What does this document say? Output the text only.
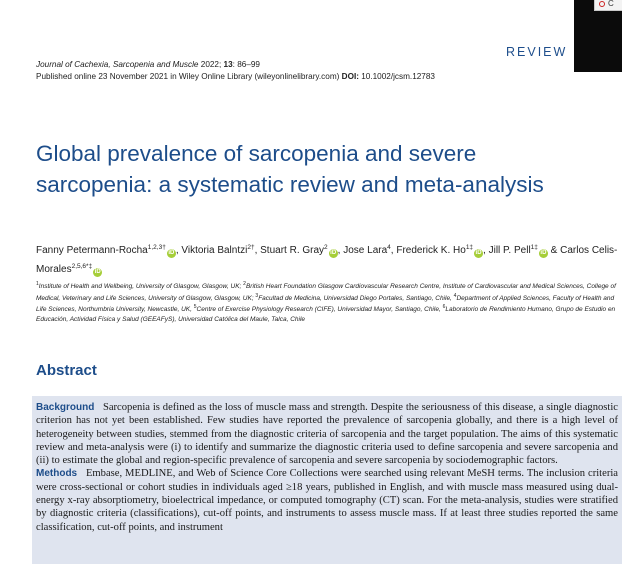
C
Journal of Cachexia, Sarcopenia and Muscle 2022; 13: 86–99
Published online 23 November 2021 in Wiley Online Library (wileyonlinelibrary.com) DOI: 10.1002/jcsm.12783
REVIEW
Global prevalence of sarcopenia and severe sarcopenia: a systematic review and meta-analysis
Fanny Petermann-Rocha$^{1,2,3\dagger}$iD , Viktoria Balntzi$^{2\dagger}$, Stuart R. Gray$^2$iD , Jose Lara$^4$, Frederick K. $Ho^{1\ddagger}iD$ , Jill P. Pell$^{1\ddagger}$iD & Carlos Celis-Morales$^{2,5,6*\ddagger}$iD
$^1$Institute of Health and Wellbeing, University of Glasgow, Glasgow, UK; $^2$British Heart Foundation Glasgow Cardiovascular Research Centre, Institute of Cardiovascular and Medical Sciences, College of Medical, Veterinary and Life Sciences, University of Glasgow, Glasgow, UK; $^3$Facultad de Medicina, Universidad Diego Portales, Santiago, Chile, $^4$Department of Applied Sciences, Faculty of Health and Life Sciences, Northumbria University, Newcastle, UK, $^5$Centre of Exercise Physiology Research (CIFE), Universidad Mayor, Santiago, Chile, $^6$Laboratorio de Rendimiento Humano, Grupo de Estudio en Educación, Actividad Física y Salud (GEEAFyS), Universidad Católica del Maule, Talca, Chile
Abstract

Background Sarcopenia is defined as the loss of muscle mass and strength. Despite the seriousness of this disease, a single diagnostic criterion has not yet been established. Few studies have reported the prevalence of sarcopenia globally, and there is a high level of heterogeneity between studies, stemmed from the diagnostic criteria of sarcopenia and the target population. The aims of this systematic review and meta-analysis were (i) to identify and summarize the diagnostic criteria used to define sarcopenia and severe sarcopenia and (ii) to estimate the global and region-specific prevalence of sarcopenia and severe sarcopenia by sociodemographic factors.

Methods Embase, MEDLINE, and Web of Science Core Collections were searched using relevant MeSH terms. The inclusion criteria were cross-sectional or cohort studies in individuals aged ≥18 years, published in English, and with muscle mass measured using dual-energy x-ray absorptiometry, bioelectrical impedance, or computed tomography (CT) scan. For the meta-analysis, studies were stratified by diagnostic criteria (classifications), cut-off points, and instruments to assess muscle mass. If at least three studies reported the same classification, cut-off points, and instrument
